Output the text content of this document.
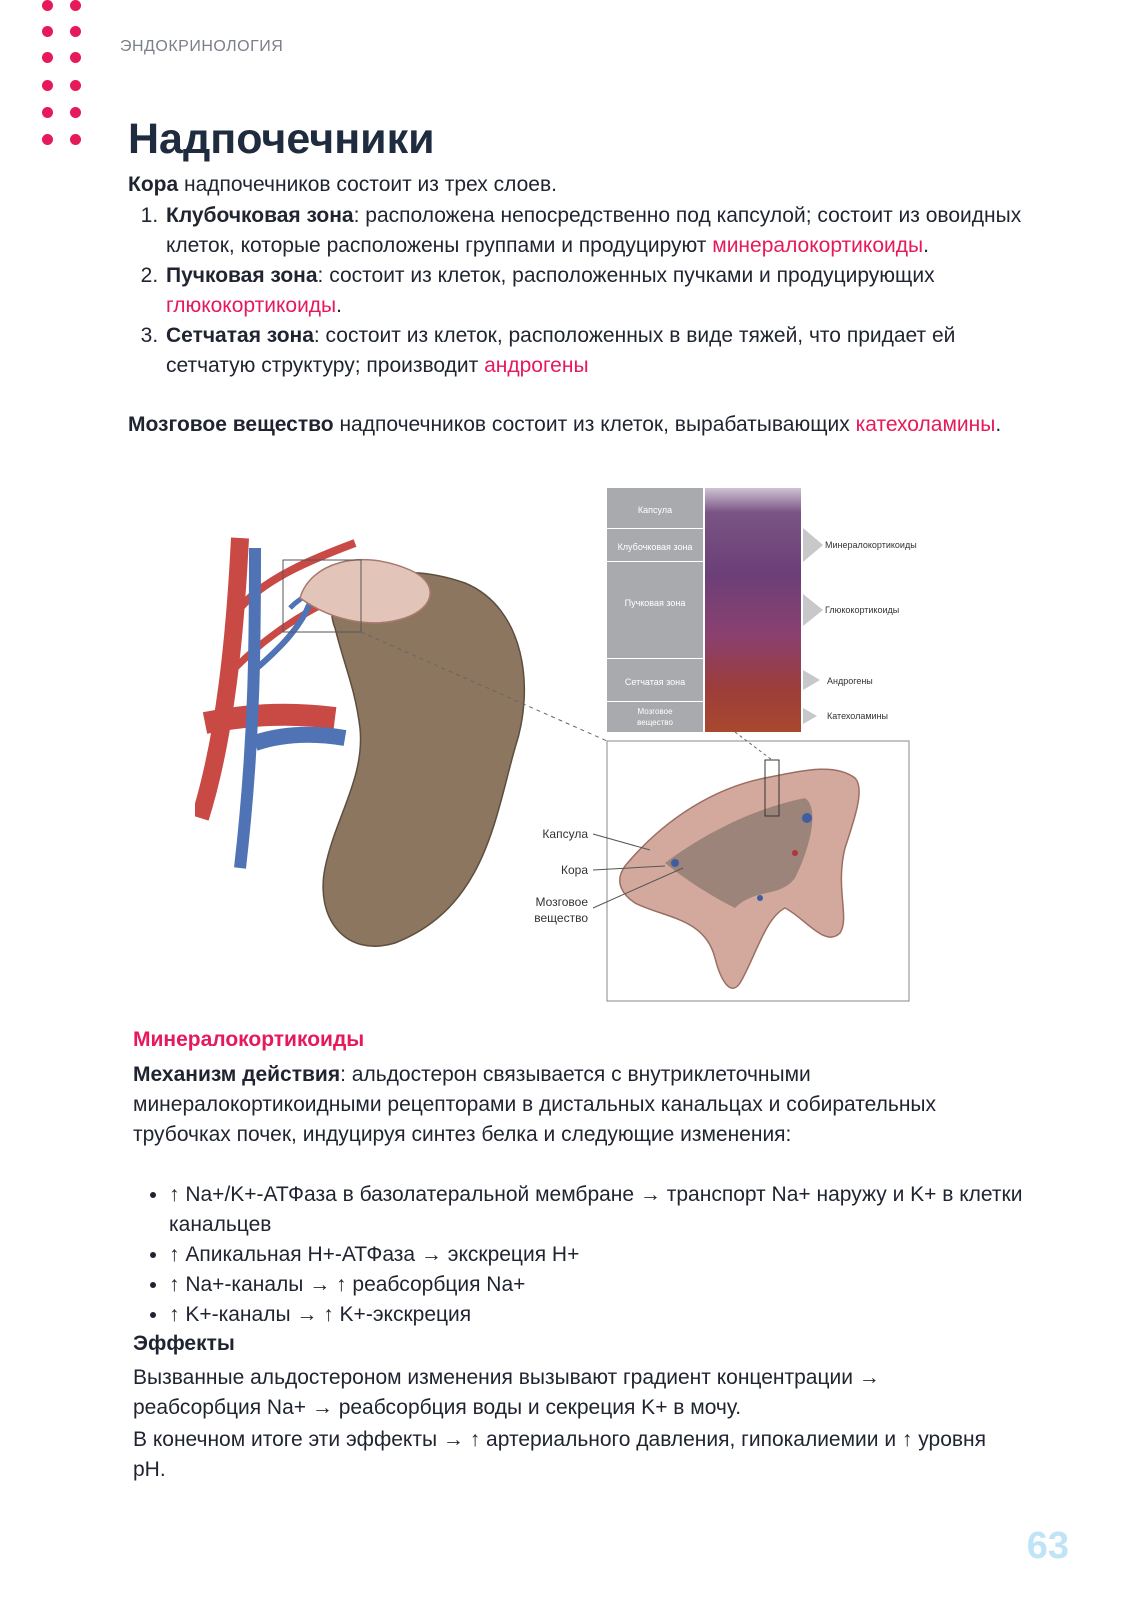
ЭНДОКРИНОЛОГИЯ
Надпочечники

Кора надпочечников состоит из трех слоев.

1. Клубочковая зона: расположена непосредственно под капсулой; состоит из овоидных клеток, которые расположены группами и продуцируют минералокортикоиды.
2. Пучковая зона: состоит из клеток, расположенных пучками и продуцирующих глюкокортикоиды.
3. Сетчатая зона: состоит из клеток, расположенных в виде тяжей, что придает ей сетчатую структуру; производит андрогены

Мозговое вещество надпочечников состоит из клеток, вырабатывающих катехоламины.

Капсула
Клубочковая зона
Пучковая зона
Сетчатая зона
Мозговое
вещество
Минералокортикоиды
Глюкокортикоиды
Андрогены
Катехоламины
Капсула
Кора
Мозговое
вещество
Минералокортикоиды

Механизм действия: альдостерон связывается с внутриклеточными минералокортикоидными рецепторами в дистальных канальцах и собирательных трубочках почек, индуцируя синтез белка и следующие изменения:

• ↑ Na+/K+-АТФаза в базолатеральной мембране → транспорт Na+ наружу и K+ в клетки канальцев
• ↑ Апикальная H+-АТФаза → экскреция H+
• ↑ Na+-каналы → ↑ реабсорбция Na+
• ↑ K+-каналы → ↑ K+-экскреция
Эффекты

Вызванные альдостероном изменения вызывают градиент концентрации → реабсорбция Na+ → реабсорбция воды и секреция K+ в мочу.

В конечном итоге эти эффекты → ↑ артериального давления, гипокалиемии и ↑ уровня pH.

63
